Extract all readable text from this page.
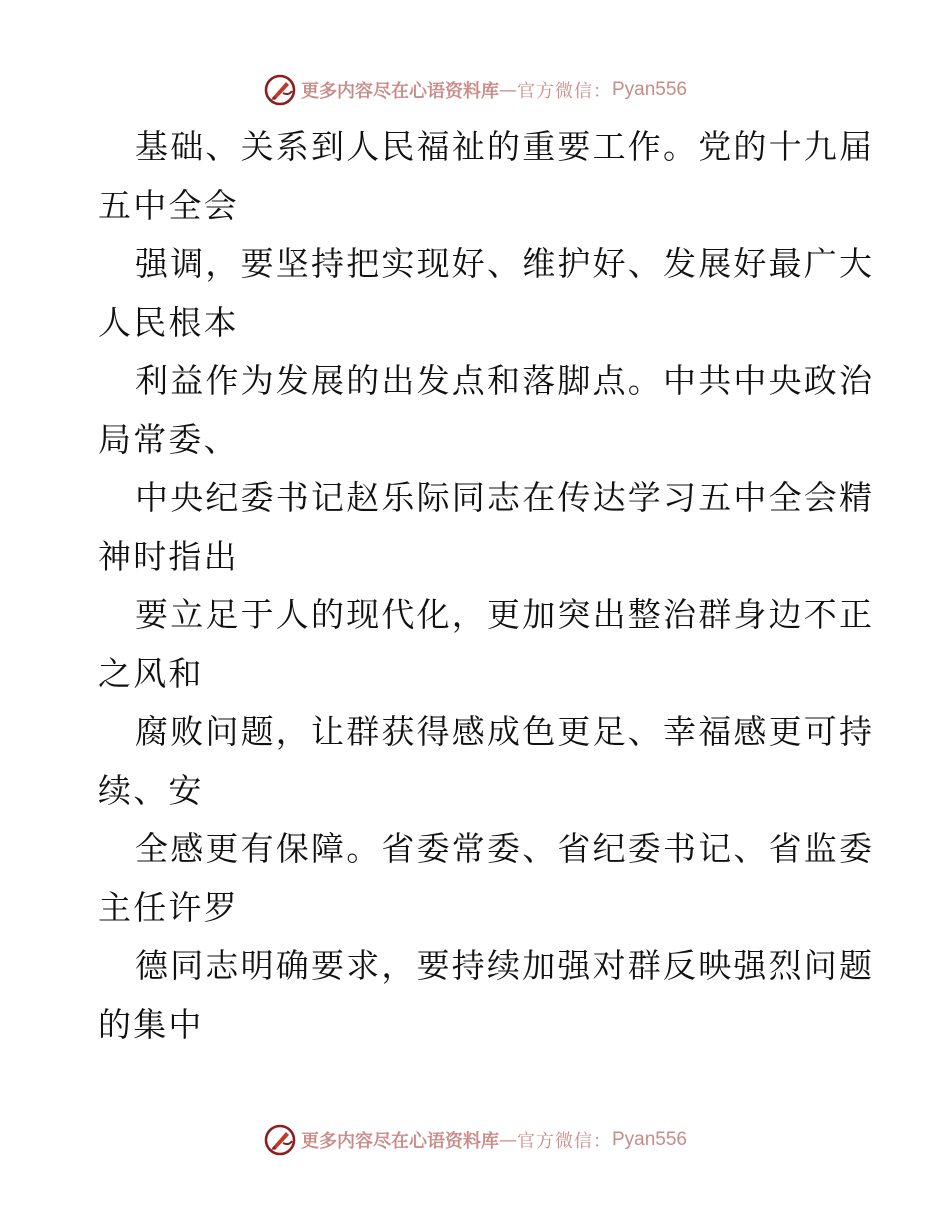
更多内容尽在心语资料库 — 官方微信： Pyan556

基础、关系到人民福祉的重要工作。党的十九届
五中全会

强调，要坚持把实现好、维护好、发展好最广大
人民根本

利益作为发展的出发点和落脚点。中共中央政治
局常委、

中央纪委书记赵乐际同志在传达学习五中全会精
神时指出

要立足于人的现代化，更加突出整治群身边不正
之风和

腐败问题，让群获得感成色更足、幸福感更可持
续、安

全感更有保障。省委常委、省纪委书记、省监委
主任许罗

德同志明确要求，要持续加强对群反映强烈问题
的集中

更多内容尽在心语资料库 — 官方微信： Pyan556
